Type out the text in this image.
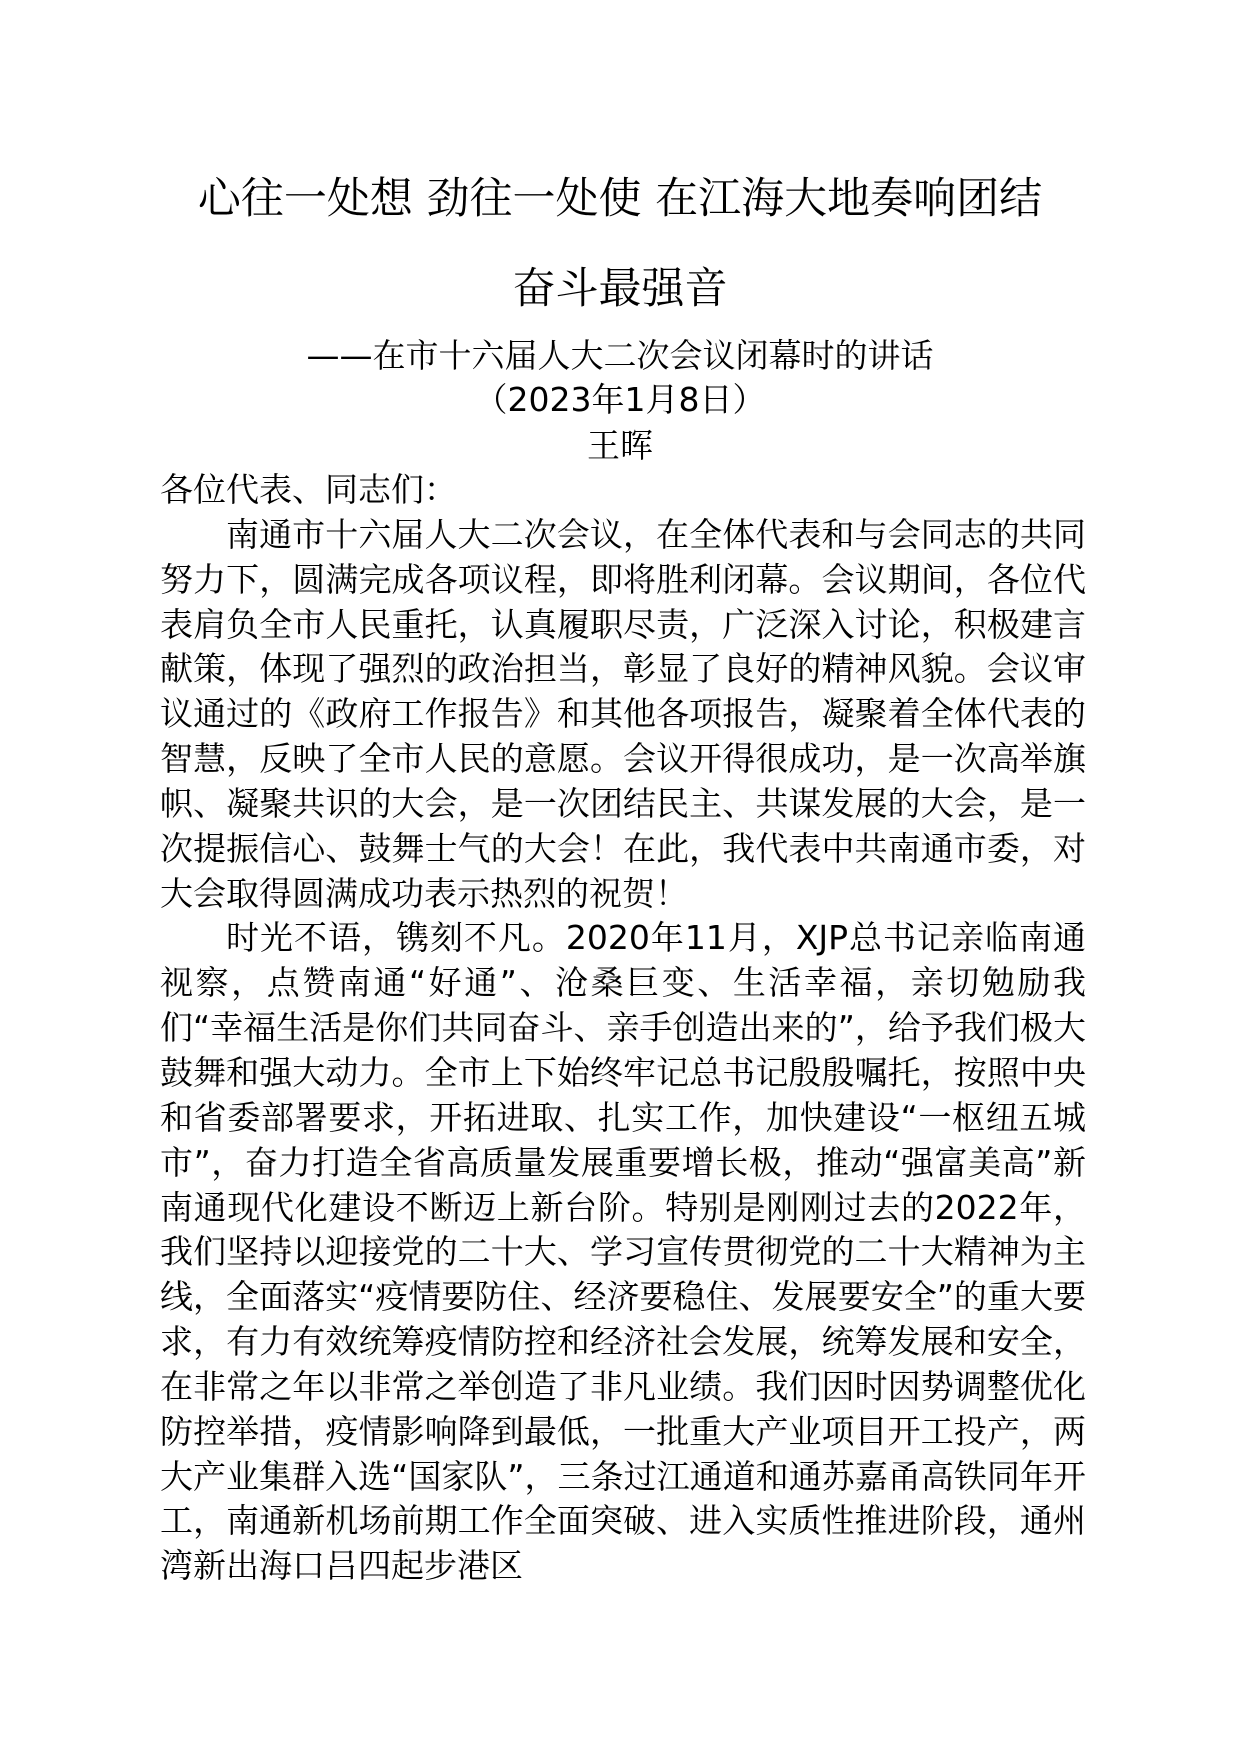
心往一处想 劲往一处使 在江海大地奏响团结
奋斗最强音
——在市十六届人大二次会议闭幕时的讲话
（2023年1月8日）
王晖

各位代表、同志们：

南通市十六届人大二次会议，在全体代表和与会同志的共同努力下，圆满完成各项议程，即将胜利闭幕。会议期间，各位代表肩负全市人民重托，认真履职尽责，广泛深入讨论，积极建言献策，体现了强烈的政治担当，彰显了良好的精神风貌。会议审议通过的《政府工作报告》和其他各项报告，凝聚着全体代表的智慧，反映了全市人民的意愿。会议开得很成功，是一次高举旗帜、凝聚共识的大会，是一次团结民主、共谋发展的大会，是一次提振信心、鼓舞士气的大会！在此，我代表中共南通市委，对大会取得圆满成功表示热烈的祝贺！

时光不语，镌刻不凡。2020年11月，XJP总书记亲临南通视察，点赞南通“好通”、沧桑巨变、生活幸福，亲切勉励我们“幸福生活是你们共同奋斗、亲手创造出来的”，给予我们极大鼓舞和强大动力。全市上下始终牢记总书记殷殷嘱托，按照中央和省委部署要求，开拓进取、扎实工作，加快建设“一枢纽五城市”，奋力打造全省高质量发展重要增长极，推动“强富美高”新南通现代化建设不断迈上新台阶。特别是刚刚过去的2022年，我们坚持以迎接党的二十大、学习宣传贯彻党的二十大精神为主线，全面落实“疫情要防住、经济要稳住、发展要安全”的重大要求，有力有效统筹疫情防控和经济社会发展，统筹发展和安全，在非常之年以非常之举创造了非凡业绩。我们因时因势调整优化防控举措，疫情影响降到最低，一批重大产业项目开工投产，两大产业集群入选“国家队”，三条过江通道和通苏嘉甬高铁同年开工，南通新机场前期工作全面突破、进入实质性推进阶段，通州湾新出海口吕四起步港区
